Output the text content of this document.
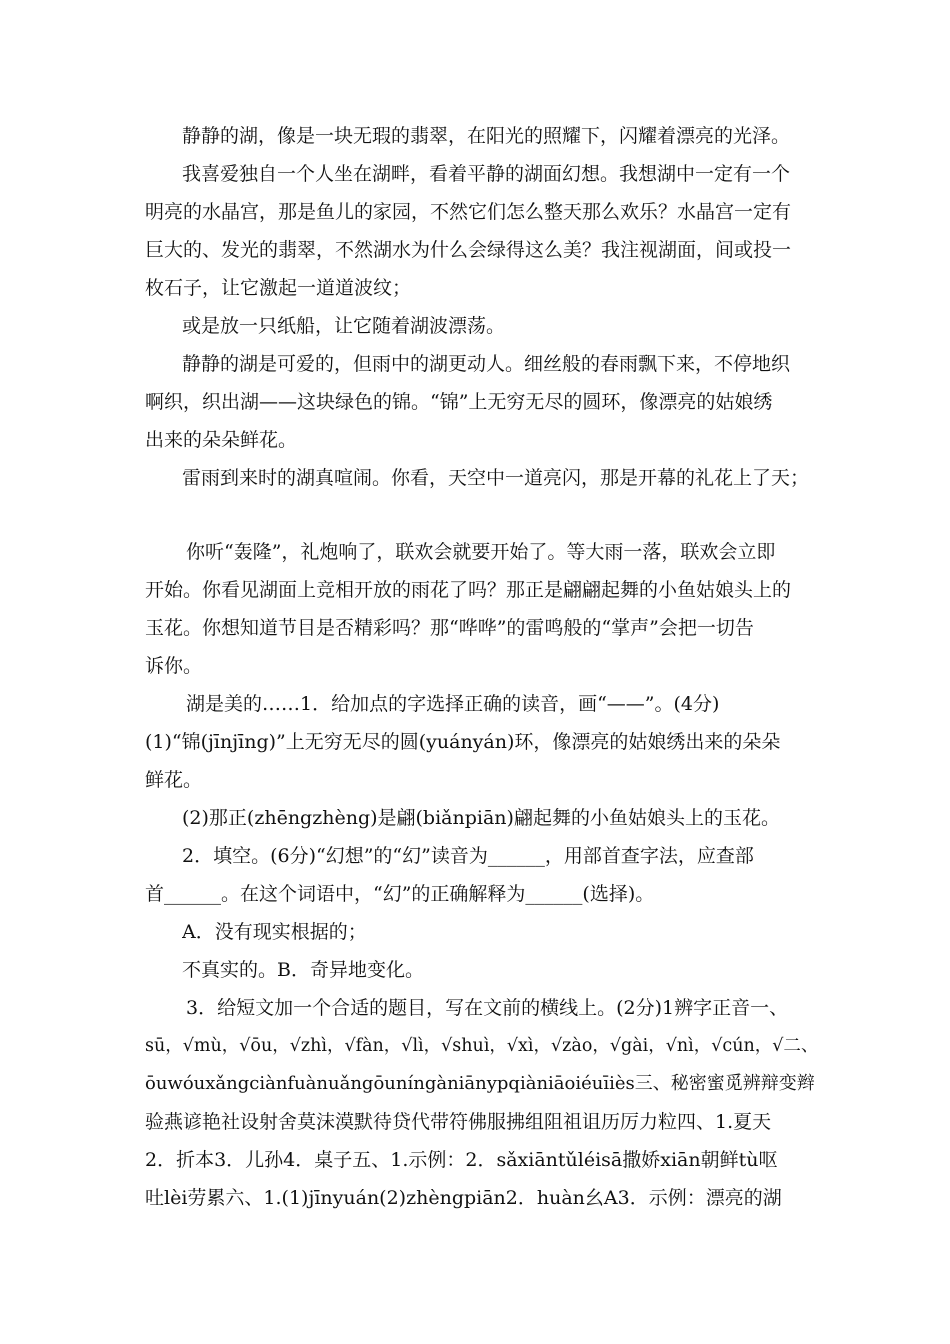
静静的湖，像是一块无瑕的翡翠，在阳光的照耀下，闪耀着漂亮的光泽。
我喜爱独自一个人坐在湖畔，看着平静的湖面幻想。我想湖中一定有一个
明亮的水晶宫，那是鱼儿的家园，不然它们怎么整天那么欢乐？水晶宫一定有
巨大的、发光的翡翠，不然湖水为什么会绿得这么美？我注视湖面，间或投一
枚石子，让它激起一道道波纹；
或是放一只纸船，让它随着湖波漂荡。
静静的湖是可爱的，但雨中的湖更动人。细丝般的春雨飘下来，不停地织
啊织，织出湖——这块绿色的锦。“锦”上无穷无尽的圆环，像漂亮的姑娘绣
出来的朵朵鲜花。
雷雨到来时的湖真喧闹。你看，天空中一道亮闪，那是开幕的礼花上了天；
你听“轰隆”，礼炮响了，联欢会就要开始了。等大雨一落，联欢会立即
开始。你看见湖面上竞相开放的雨花了吗？那正是翩翩起舞的小鱼姑娘头上的
玉花。你想知道节目是否精彩吗？那“哗哗”的雷鸣般的“掌声”会把一切告
诉你。
湖是美的……1．给加点的字选择正确的读音，画“——”。(4分)
(1)“锦(jīnjīng)”上无穷无尽的圆(yuányán)环，像漂亮的姑娘绣出来的朵朵
鲜花。
(2)那正(zhēngzhèng)是翩(biǎnpiān)翩起舞的小鱼姑娘头上的玉花。
2．填空。(6分)“幻想”的“幻”读音为______，用部首查字法，应查部
首______。在这个词语中，“幻”的正确解释为______(选择)。
A．没有现实根据的；
不真实的。B．奇异地变化。
3．给短文加一个合适的题目，写在文前的横线上。(2分)1辨字正音一、
sū，√mù，√ōu，√zhì，√fàn，√lì，√shuì，√xì，√zào，√gài，√nì，√cún，√二、
ōuwóuxǎngciànfuànuǎngōuníngàniānypqiàniāoiéuīiès三、秘密蜜觅辨辩变辫
验燕谚艳社设射舍莫沫漠默待贷代带符佛服拂组阻祖诅历厉力粒四、1.夏天
2．折本3．儿孙4．桌子五、1.示例：2．sǎxiāntǔléisā撒娇xiān朝鲜tù呕
吐lèi劳累六、1.(1)jīnyuán(2)zhèngpiān2．huàn幺A3．示例：漂亮的湖
